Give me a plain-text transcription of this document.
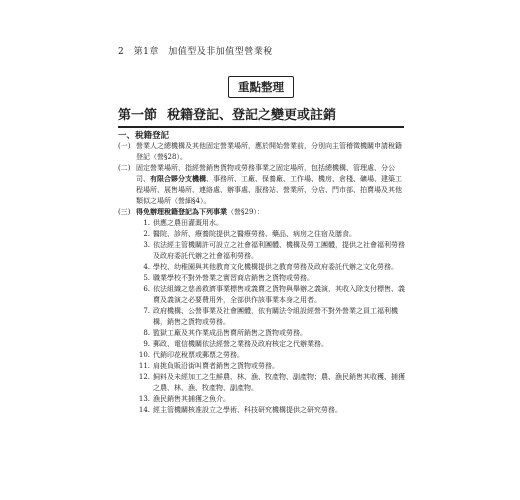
2 第1章 加值型及非加值型營業稅
重點整理
第一節 稅籍登記、登記之變更或註銷
一、稅籍登記
(一) 營業人之總機構及其他固定營業場所，應於開始營業前，分別向主管稽徵機關申請稅籍登記（營§28）。
(二) 固定營業場所，指經營銷售貨物或勞務事業之固定場所，包括總機構、管理處、分公司、有限合夥分支機構、事務所、工廠、保養廠、工作場、機房、倉棧、礦場、建築工程場所、展售場所、連絡處、辦事處、服務站、營業所、分店、門市部、拍賣場及其他類似之場所（營細§4）。
(三) 得免辦理稅籍登記為下列事業（營§29）：
1. 供應之農田灌溉用水。
2. 醫院、診所、療養院提供之醫療勞務、藥品、病房之住宿及膳食。
3. 依法經主管機關許可設立之社會福利團體、機構及勞工團體，提供之社會福利勞務及政府委託代辦之社會福利勞務。
4. 學校、幼稚園與其他教育文化機構提供之教育勞務及政府委託代辦之文化勞務。
5. 職業學校不對外營業之實習商店銷售之貨物或勞務。
6. 依法組織之慈善救濟事業標售或義賣之貨物與舉辦之義演，其收入除支付標售、義賣及義演之必要費用外，全部供作該事業本身之用者。
7. 政府機構、公營事業及社會團體，依有關法令組設經營不對外營業之員工福利機構，銷售之貨物或勞務。
8. 監獄工廠及其作業成品售賣所銷售之貨物或勞務。
9. 郵政、電信機關依法經營之業務及政府核定之代辦業務。
10. 代銷印花稅票或郵票之勞務。
11. 肩挑負販沿街叫賣者銷售之貨物或勞務。
12. 飼料及未經加工之生鮮農、林、漁、牧產物、副產物；農、漁民銷售其收穫、捕獲之農、林、漁、牧產物、副產物。
13. 漁民銷售其捕獲之魚介。
14. 經主管機關核准設立之學術、科技研究機構提供之研究勞務。
